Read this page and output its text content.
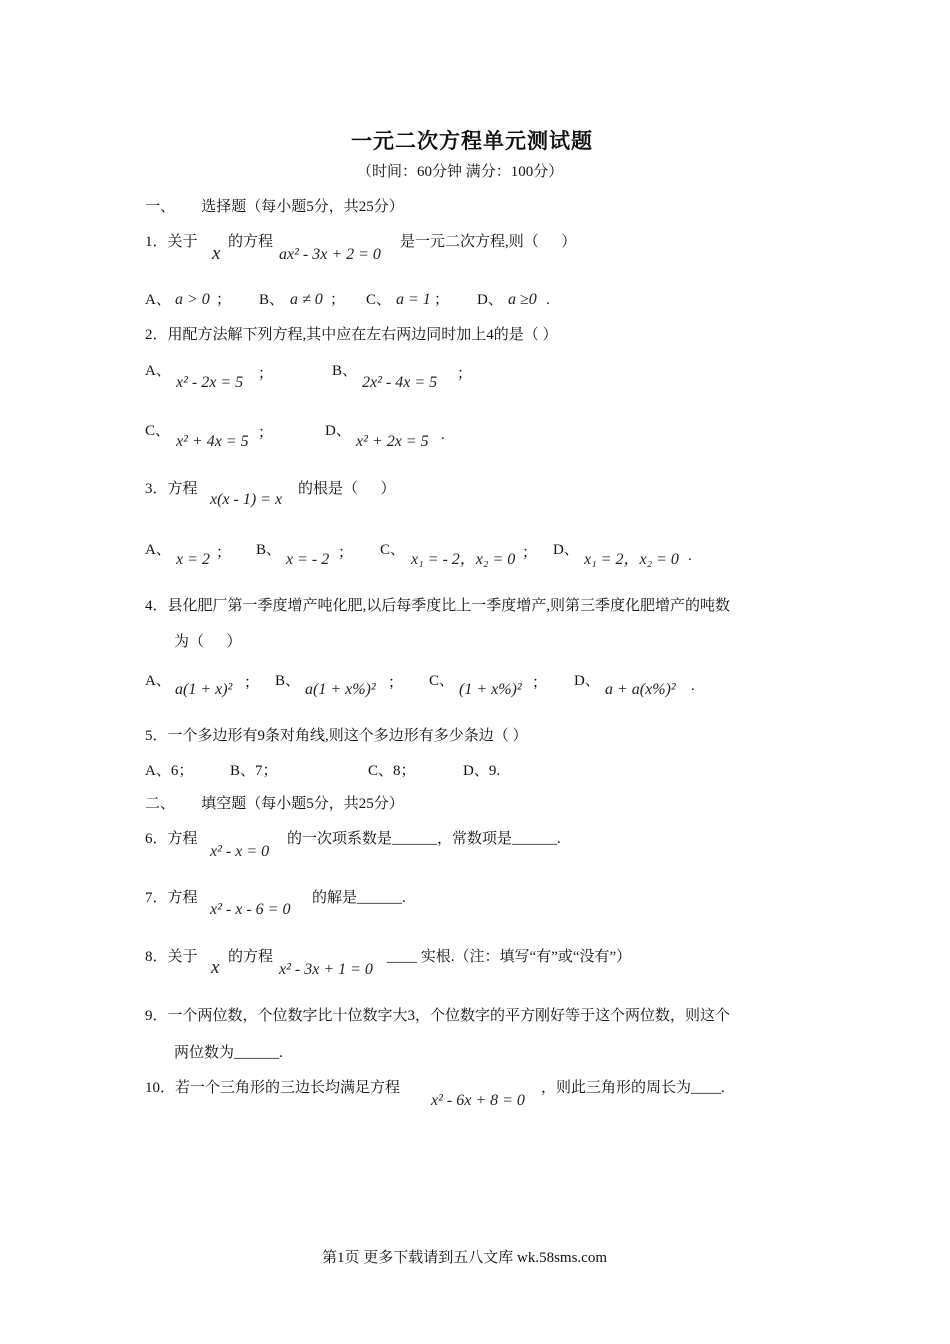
一元二次方程单元测试题
（时间：60分钟 满分：100分）
一、       选择题（每小题5分，共25分）
1．关于
x
的方程
ax² - 3x + 2 = 0
是一元二次方程,则（      ）
A、 a > 0 ； B、 a ≠ 0 ； C、 a = 1 ； D、 a ≥0 .
2．用配方法解下列方程,其中应在左右两边同时加上4的是（ ）
A、
x² - 2x = 5 ；	B、
2x² - 4x = 5 ；
C、
x² + 4x = 5 ；	D、
x² + 2x = 5 .
3．方程
x(x - 1) = x
的根是（      ）
A、
x = 2 ； B、
x = - 2 ； C、
x₁ = - 2，x₂ = 0 ； D、
x₁ = 2，x₂ = 0 .
4．县化肥厂第一季度增产吨化肥,以后每季度比上一季度增产,则第三季度化肥增产的吨数
为（      ）
A、 a(1 + x)² ； B、 a(1 + x%)² ； C、 (1 + x%)² ； D、 a + a(x%)² .
5．一个多边形有9条对角线,则这个多边形有多少条边（ ）
A、6； B、7；	C、8；	D、9.
二、       填空题（每小题5分，共25分）
6．方程
x² - x = 0
的一次项系数是______，常数项是______.
7．方程
x² - x - 6 = 0
的解是______.
8．关于 x 的方程
x² - 3x + 1 = 0
____ 实根.（注：填写“有”或“没有”）
9．一个两位数，个位数字比十位数字大3，个位数字的平方刚好等于这个两位数，则这个
两位数为______.
10．若一个三角形的三边长均满足方程
x² - 6x + 8 = 0
，则此三角形的周长为____.
第1页 更多下载请到五八文库 wk.58sms.com
